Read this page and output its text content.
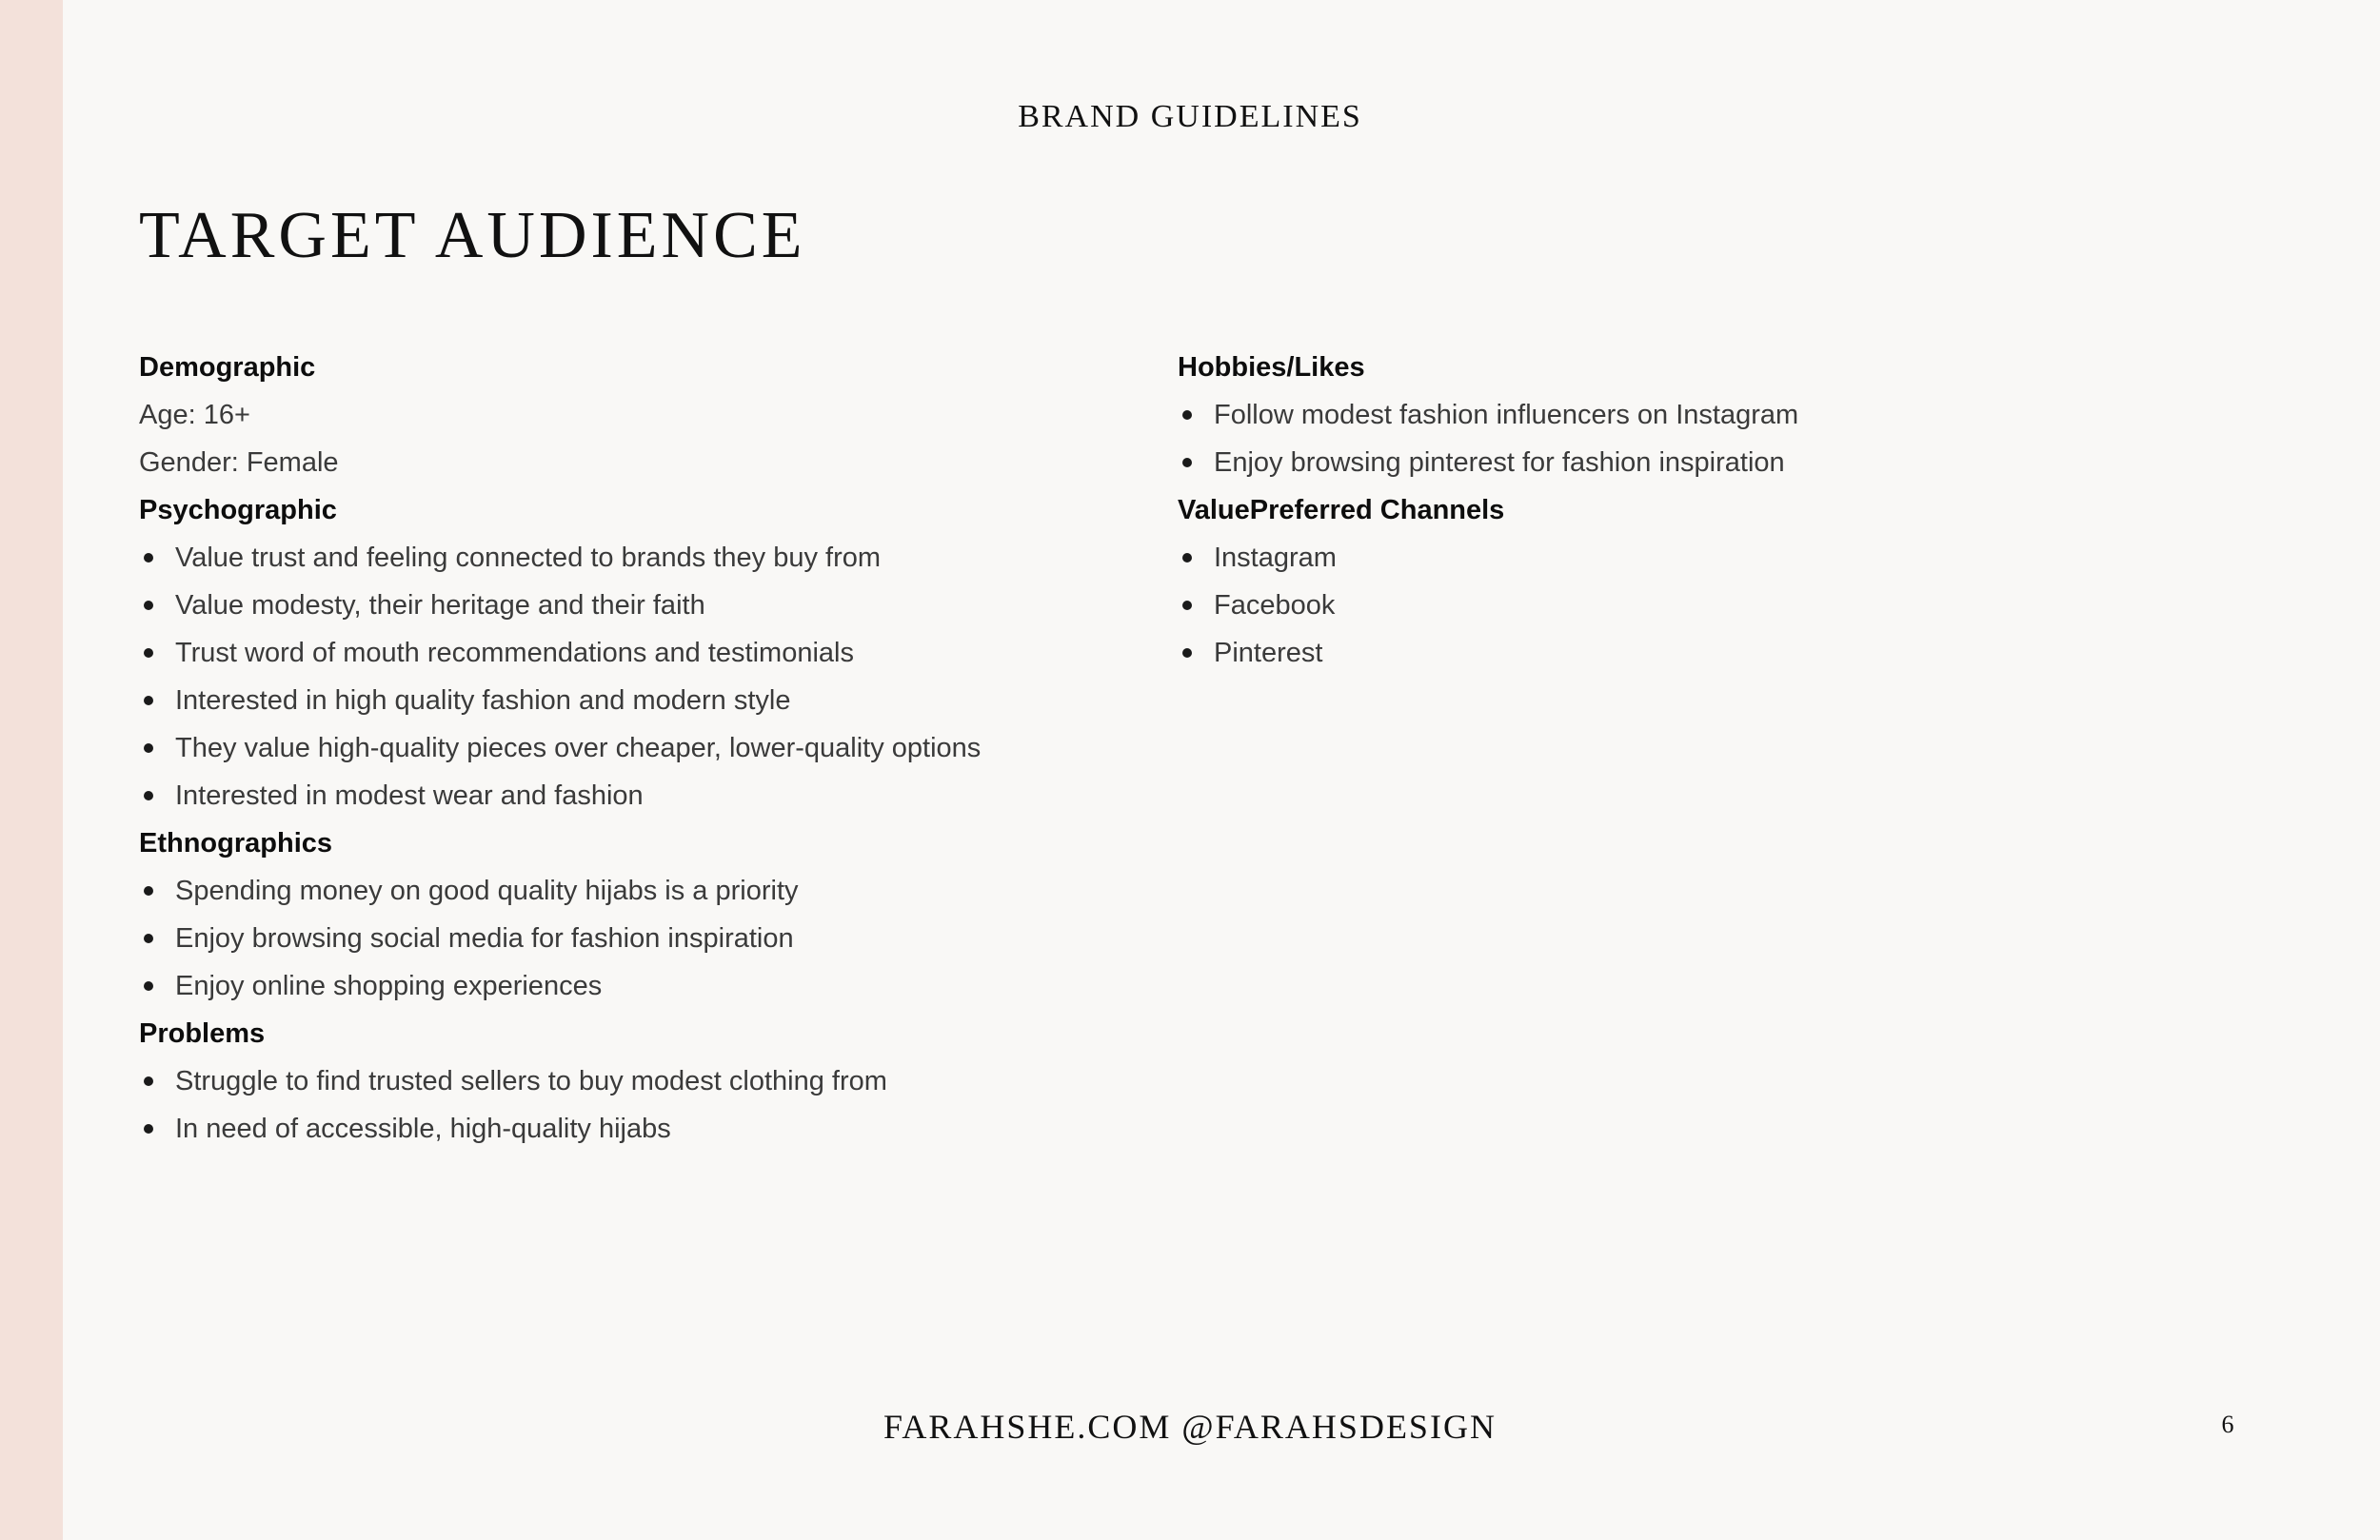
BRAND GUIDELINES
TARGET AUDIENCE
Demographic
Age: 16+
Gender: Female
Psychographic
Value trust and feeling connected to brands they buy from
Value modesty, their heritage and their faith
Trust word of mouth recommendations and testimonials
Interested in high quality fashion and modern style
They value high-quality pieces over cheaper, lower-quality options
Interested in modest wear and fashion
Ethnographics
Spending money on good quality hijabs is a priority
Enjoy browsing social media for fashion inspiration
Enjoy online shopping experiences
Problems
Struggle to find trusted sellers to buy modest clothing from
In need of accessible, high-quality hijabs
Hobbies/Likes
Follow modest fashion influencers on Instagram
Enjoy browsing pinterest for fashion inspiration
ValuePreferred Channels
Instagram
Facebook
Pinterest
FARAHSHE.COM @FARAHSDESIGN	6
